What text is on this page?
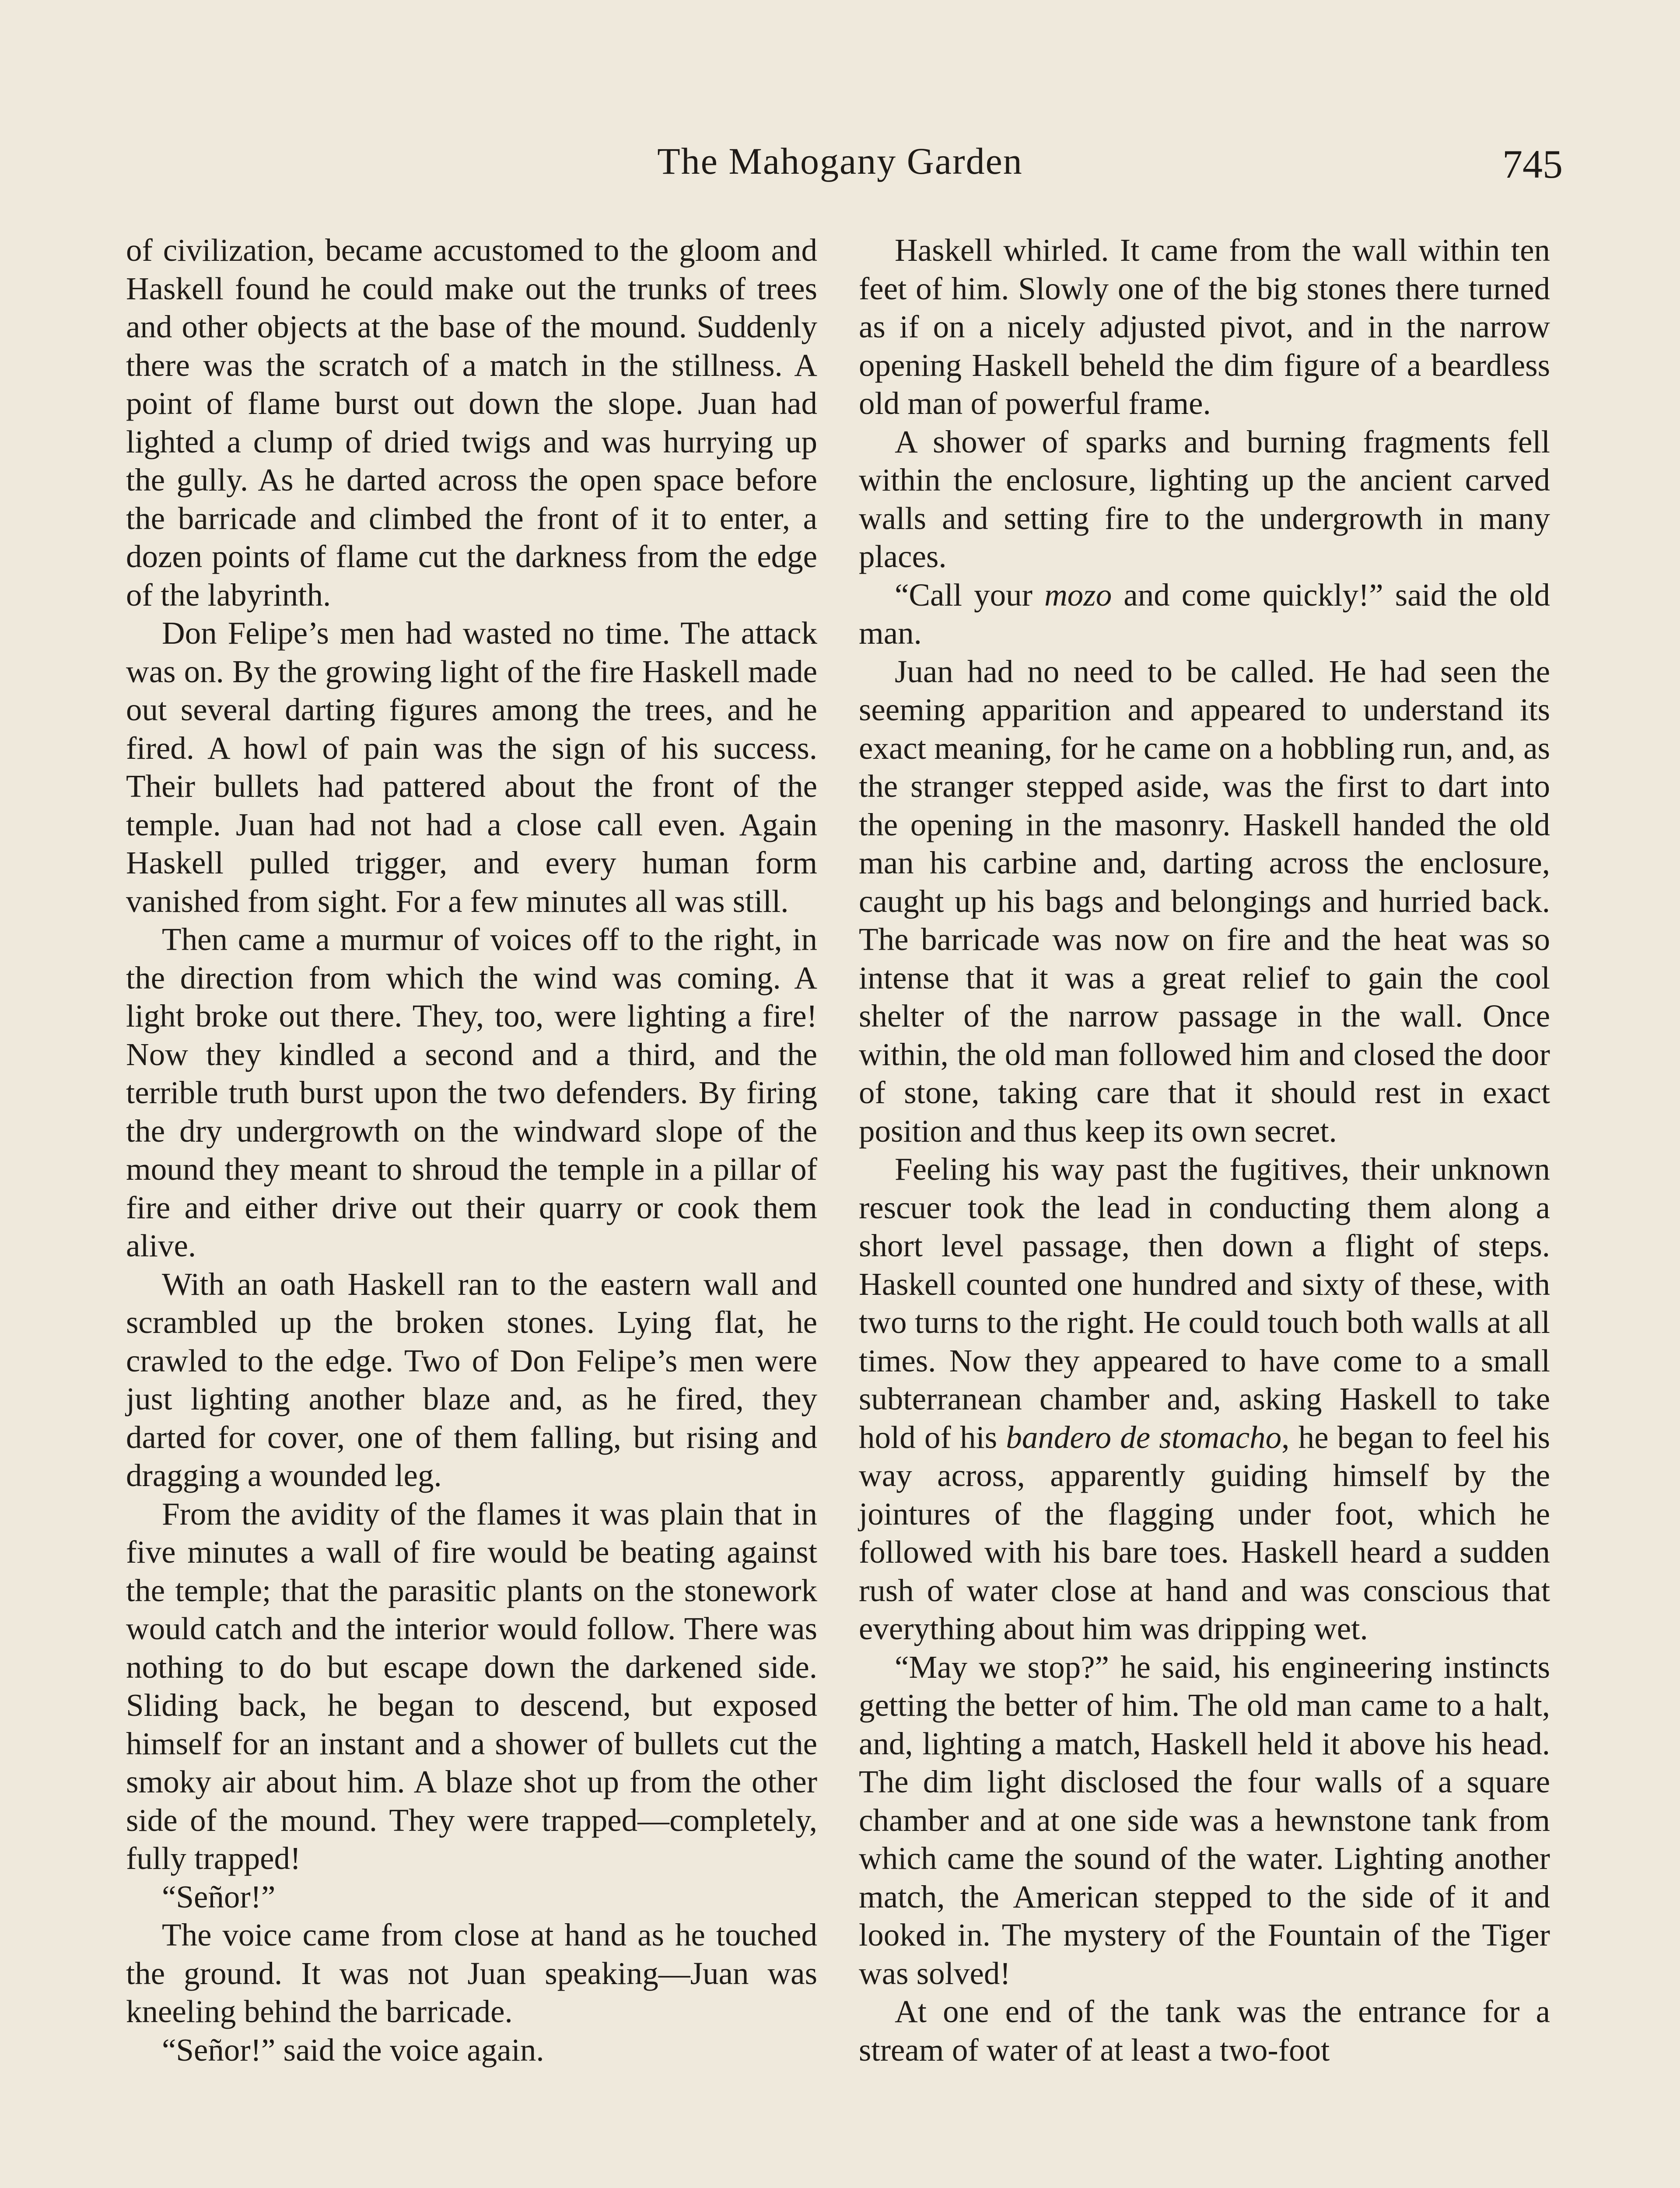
The Mahogany Garden	745

of civilization, became accustomed to the gloom and Haskell found he could make out the trunks of trees and other objects at the base of the mound. Suddenly there was the scratch of a match in the stillness. A point of flame burst out down the slope. Juan had lighted a clump of dried twigs and was hurrying up the gully. As he darted across the open space before the barricade and climbed the front of it to enter, a dozen points of flame cut the darkness from the edge of the labyrinth.

Don Felipe’s men had wasted no time. The attack was on. By the growing light of the fire Haskell made out several darting figures among the trees, and he fired. A howl of pain was the sign of his success. Their bullets had pattered about the front of the temple. Juan had not had a close call even. Again Haskell pulled trigger, and every human form vanished from sight. For a few minutes all was still.

Then came a murmur of voices off to the right, in the direction from which the wind was coming. A light broke out there. They, too, were lighting a fire! Now they kindled a second and a third, and the terrible truth burst upon the two defenders. By firing the dry undergrowth on the windward slope of the mound they meant to shroud the temple in a pillar of fire and either drive out their quarry or cook them alive.

With an oath Haskell ran to the eastern wall and scrambled up the broken stones. Lying flat, he crawled to the edge. Two of Don Felipe’s men were just lighting another blaze and, as he fired, they darted for cover, one of them falling, but rising and dragging a wounded leg.

From the avidity of the flames it was plain that in five minutes a wall of fire would be beating against the temple; that the parasitic plants on the stonework would catch and the interior would follow. There was nothing to do but escape down the darkened side. Sliding back, he began to descend, but exposed himself for an instant and a shower of bullets cut the smoky air about him. A blaze shot up from the other side of the mound. They were trapped—completely, fully trapped!

“Señor!”

The voice came from close at hand as he touched the ground. It was not Juan speaking—Juan was kneeling behind the barricade.

“Señor!” said the voice again.

Haskell whirled. It came from the wall within ten feet of him. Slowly one of the big stones there turned as if on a nicely adjusted pivot, and in the narrow opening Haskell beheld the dim figure of a beardless old man of powerful frame.

A shower of sparks and burning fragments fell within the enclosure, lighting up the ancient carved walls and setting fire to the undergrowth in many places.

“Call your mozo and come quickly!” said the old man.

Juan had no need to be called. He had seen the seeming apparition and appeared to understand its exact meaning, for he came on a hobbling run, and, as the stranger stepped aside, was the first to dart into the opening in the masonry. Haskell handed the old man his carbine and, darting across the enclosure, caught up his bags and belongings and hurried back. The barricade was now on fire and the heat was so intense that it was a great relief to gain the cool shelter of the narrow passage in the wall. Once within, the old man followed him and closed the door of stone, taking care that it should rest in exact position and thus keep its own secret.

Feeling his way past the fugitives, their unknown rescuer took the lead in conducting them along a short level passage, then down a flight of steps. Haskell counted one hundred and sixty of these, with two turns to the right. He could touch both walls at all times. Now they appeared to have come to a small subterranean chamber and, asking Haskell to take hold of his bandero de stomacho, he began to feel his way across, apparently guiding himself by the jointures of the flagging under foot, which he followed with his bare toes. Haskell heard a sudden rush of water close at hand and was conscious that everything about him was dripping wet.

“May we stop?” he said, his engineering instincts getting the better of him. The old man came to a halt, and, lighting a match, Haskell held it above his head. The dim light disclosed the four walls of a square chamber and at one side was a hewnstone tank from which came the sound of the water. Lighting another match, the American stepped to the side of it and looked in. The mystery of the Fountain of the Tiger was solved!

At one end of the tank was the entrance for a stream of water of at least a two-foot
